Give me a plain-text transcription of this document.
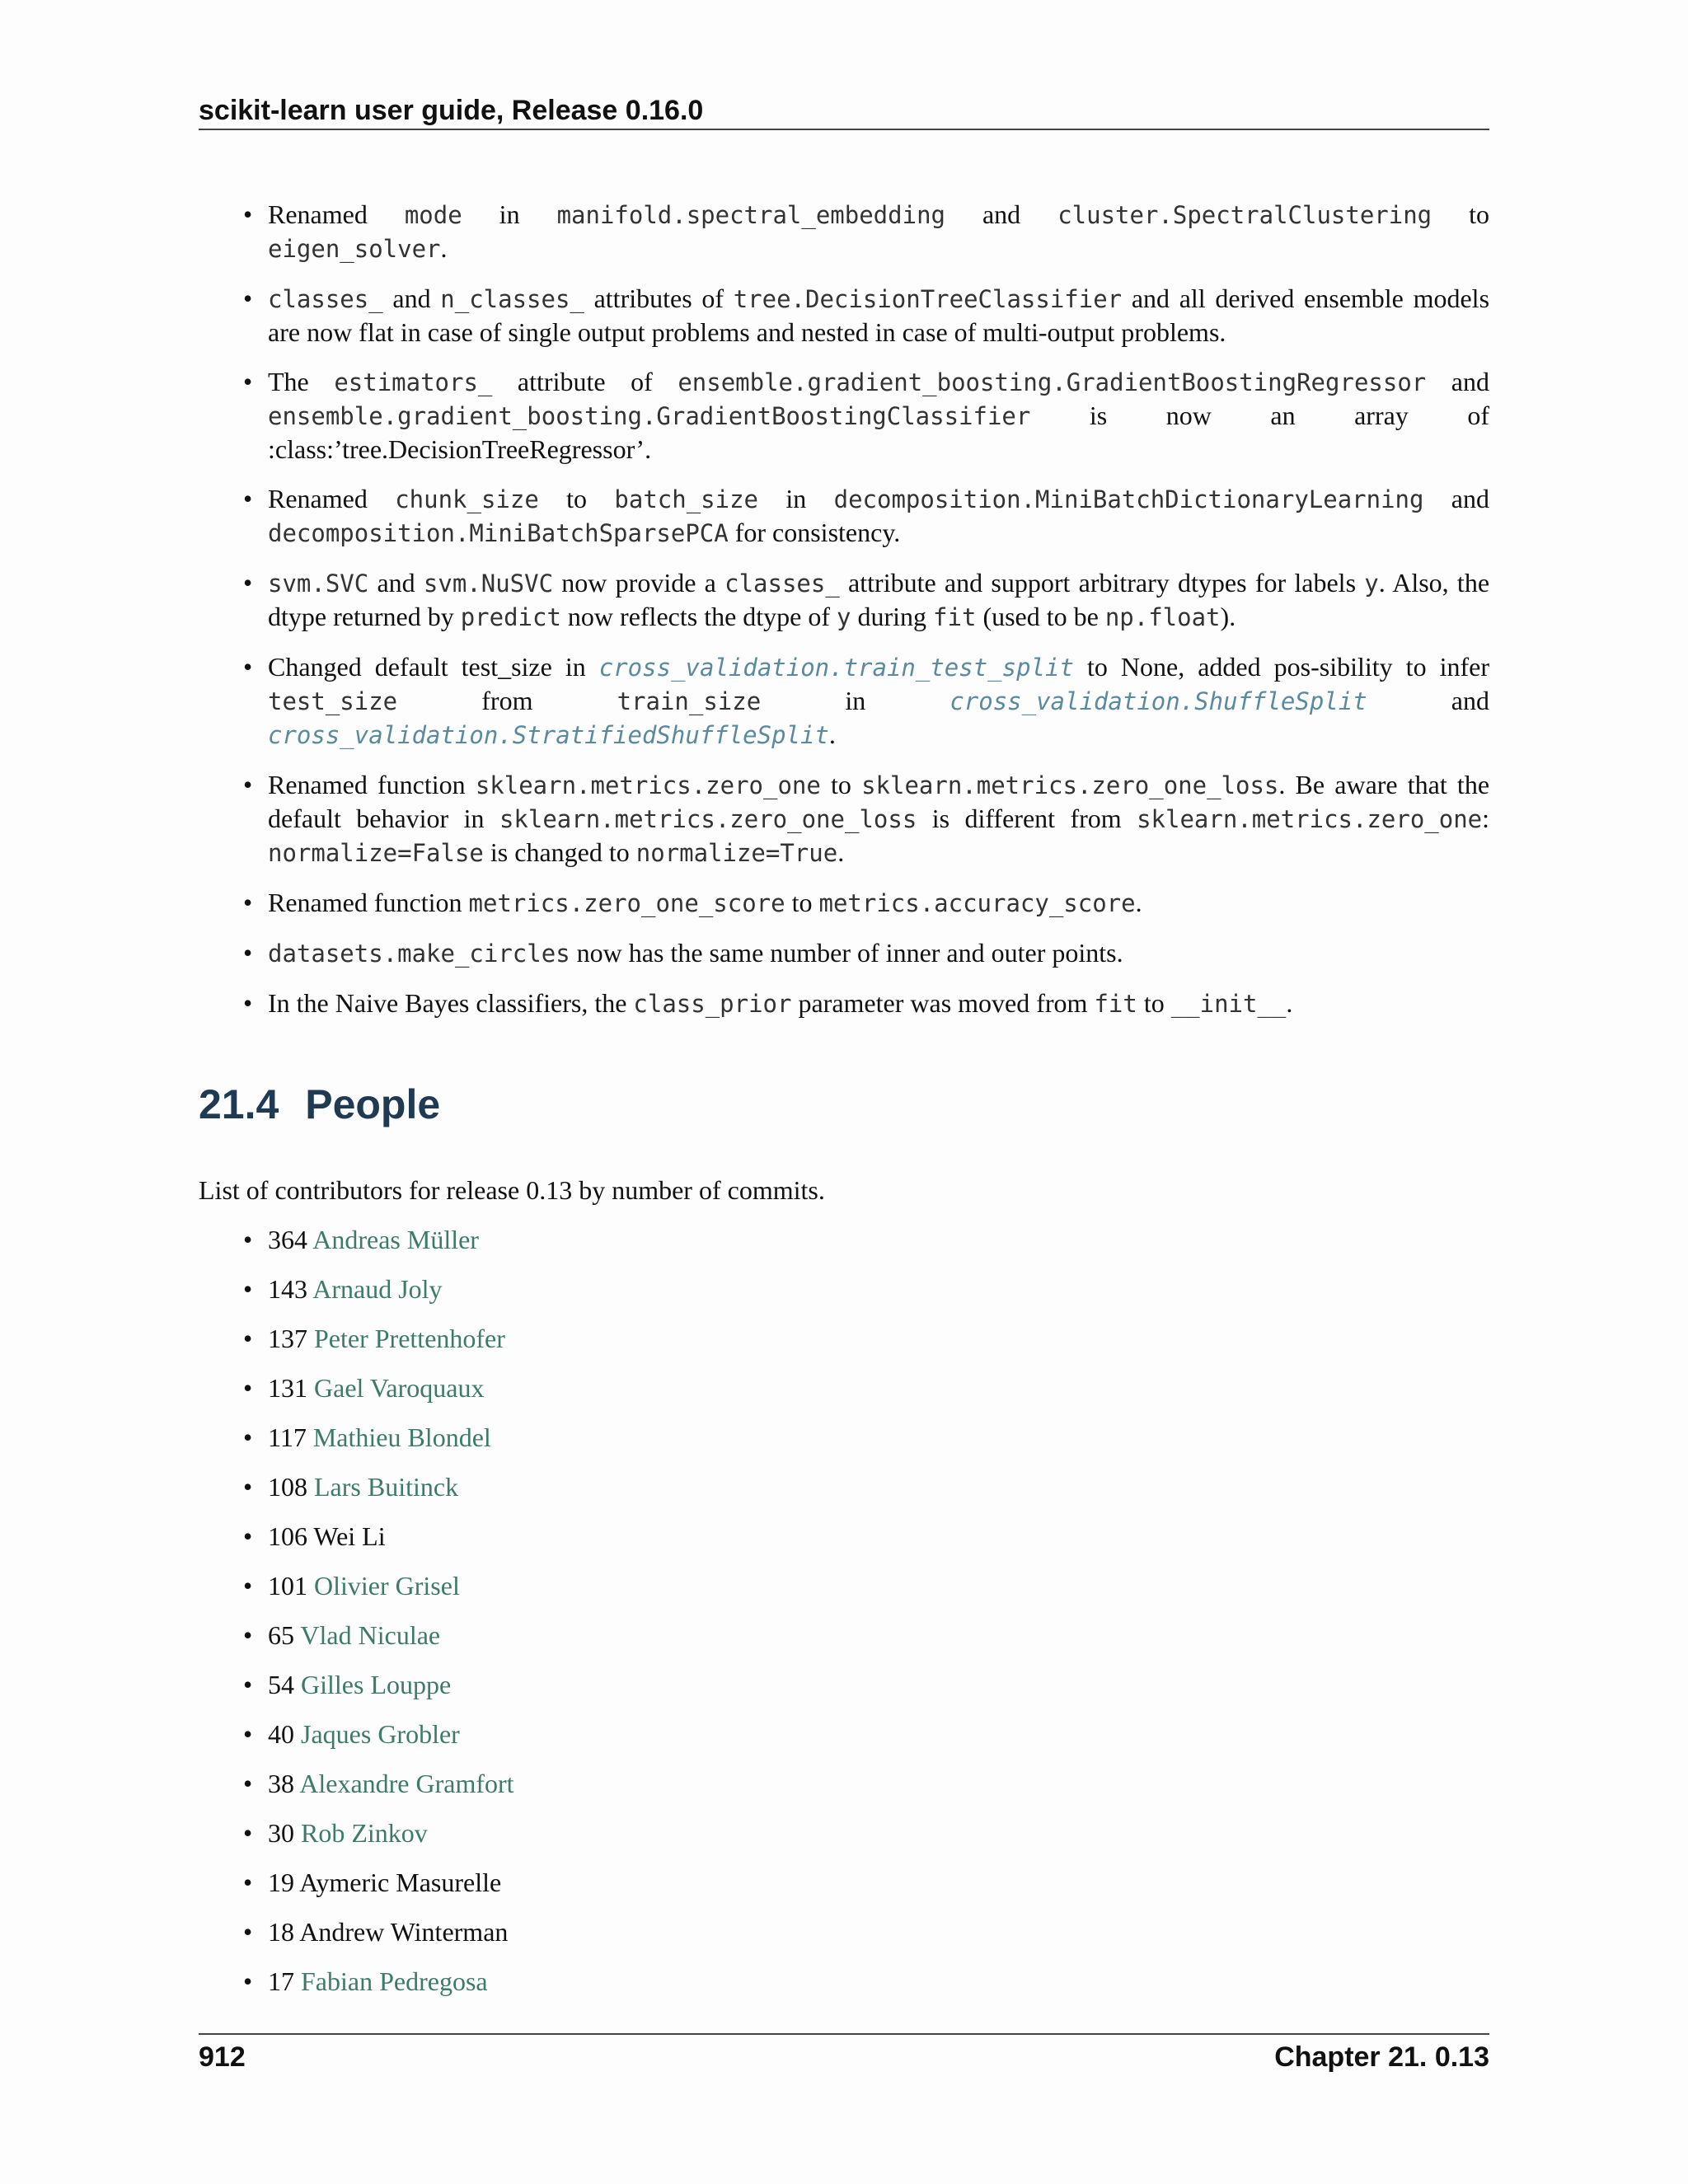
scikit-learn user guide, Release 0.16.0
• Renamed mode in manifold.spectral_embedding and cluster.SpectralClustering to eigen_solver.
• classes_ and n_classes_ attributes of tree.DecisionTreeClassifier and all derived ensemble models are now flat in case of single output problems and nested in case of multi-output problems.
• The estimators_ attribute of ensemble.gradient_boosting.GradientBoostingRegressor and ensemble.gradient_boosting.GradientBoostingClassifier is now an array of :class:’tree.DecisionTreeRegressor’.
• Renamed chunk_size to batch_size in decomposition.MiniBatchDictionaryLearning and decomposition.MiniBatchSparsePCA for consistency.
• svm.SVC and svm.NuSVC now provide a classes_ attribute and support arbitrary dtypes for labels y. Also, the dtype returned by predict now reflects the dtype of y during fit (used to be np.float).
• Changed default test_size in cross_validation.train_test_split to None, added pos-sibility to infer test_size from train_size in cross_validation.ShuffleSplit and cross_validation.StratifiedShuffleSplit.
• Renamed function sklearn.metrics.zero_one to sklearn.metrics.zero_one_loss. Be aware that the default behavior in sklearn.metrics.zero_one_loss is different from sklearn.metrics.zero_one: normalize=False is changed to normalize=True.
• Renamed function metrics.zero_one_score to metrics.accuracy_score.
• datasets.make_circles now has the same number of inner and outer points.
• In the Naive Bayes classifiers, the class_prior parameter was moved from fit to __init__.
21.4 People

List of contributors for release 0.13 by number of commits.

• 364 Andreas Müller
• 143 Arnaud Joly
• 137 Peter Prettenhofer
• 131 Gael Varoquaux
• 117 Mathieu Blondel
• 108 Lars Buitinck
• 106 Wei Li
• 101 Olivier Grisel
• 65 Vlad Niculae
• 54 Gilles Louppe
• 40 Jaques Grobler
• 38 Alexandre Gramfort
• 30 Rob Zinkov
• 19 Aymeric Masurelle
• 18 Andrew Winterman
• 17 Fabian Pedregosa
912	Chapter 21. 0.13
